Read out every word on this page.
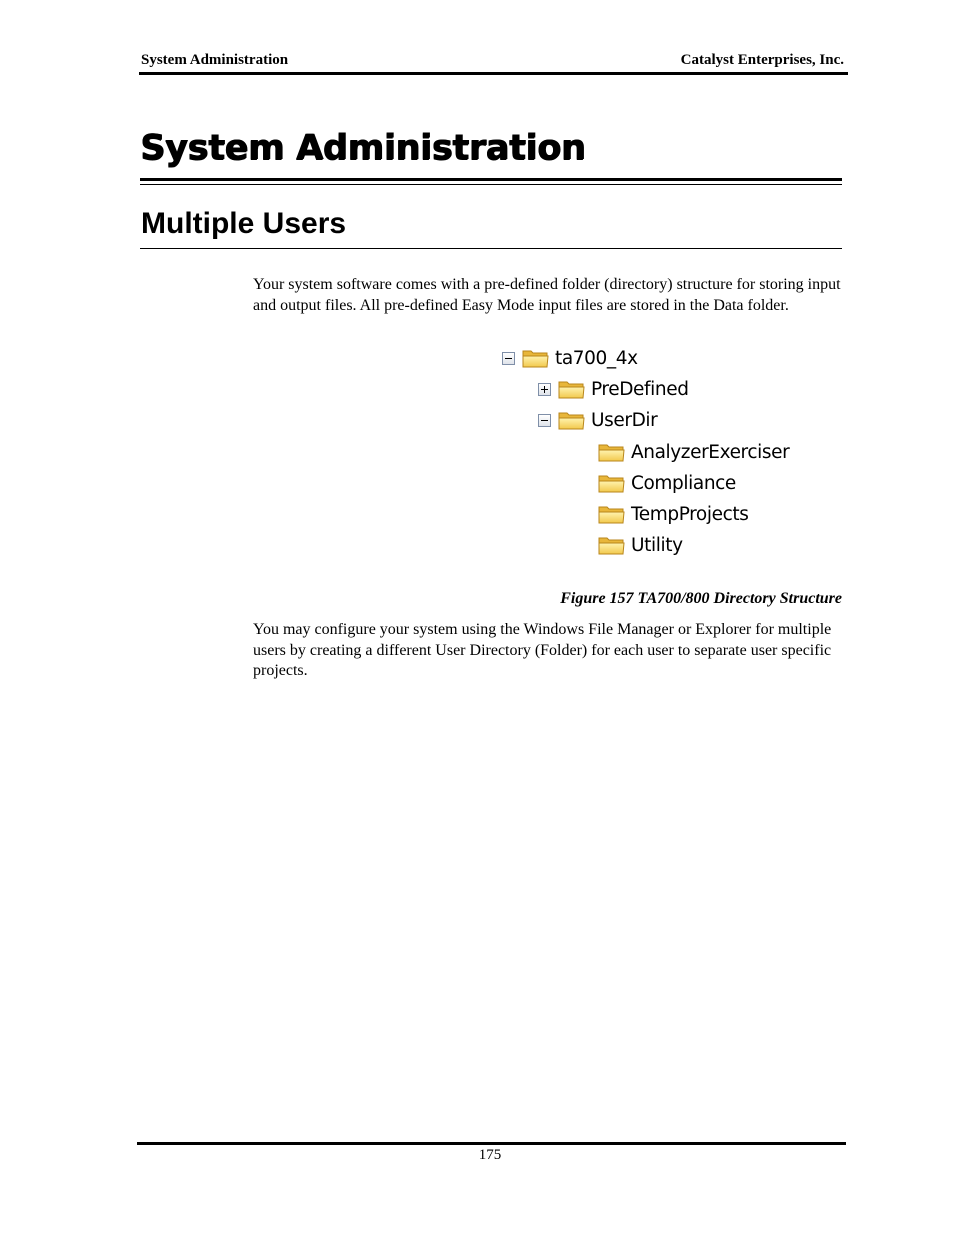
System Administration	Catalyst Enterprises, Inc.
System Administration
Multiple Users
Your system software comes with a pre-defined folder (directory) structure for storing input and output files. All pre-defined Easy Mode input files are stored in the Data folder.
ta700_4x
PreDefined
UserDir
AnalyzerExerciser
Compliance
TempProjects
Utility
Figure 157 TA700/800 Directory Structure
You may configure your system using the Windows File Manager or Explorer for multiple users by creating a different User Directory (Folder) for each user to separate user specific projects.
175
